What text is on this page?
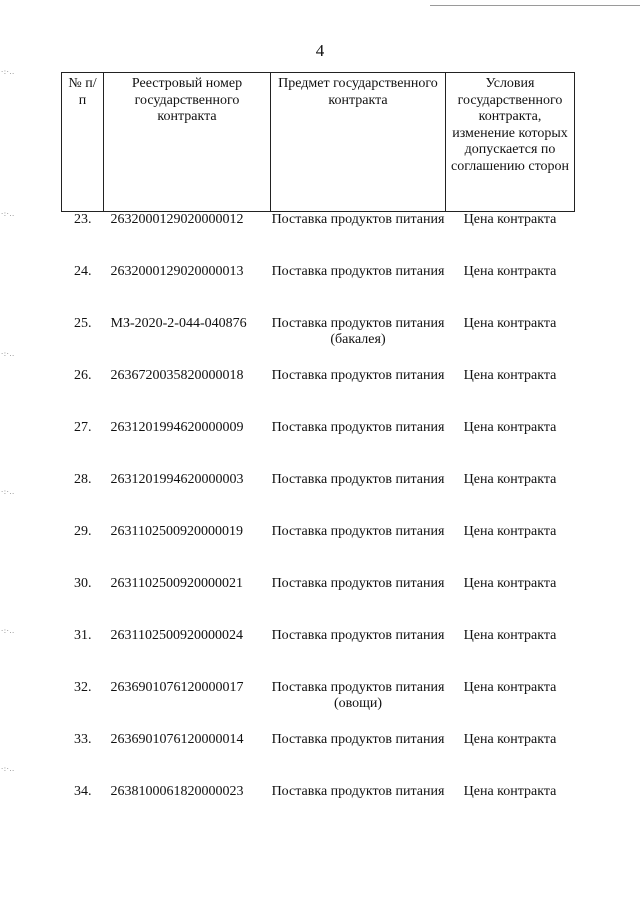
4
·:·..
·:·..
·:·..
·:·..
·:·..
·:·..
№ п/п	Реестровый номер государственного контракта	Предмет государственного контракта	Условия государственного контракта, изменение которых допускается по соглашению сторон
23.	2632000129020000012	Поставка продуктов питания	Цена контракта
24.	2632000129020000013	Поставка продуктов питания	Цена контракта
25.	МЗ-2020-2-044-040876	Поставка продуктов питания (бакалея)	Цена контракта
26.	2636720035820000018	Поставка продуктов питания	Цена контракта
27.	2631201994620000009	Поставка продуктов питания	Цена контракта
28.	2631201994620000003	Поставка продуктов питания	Цена контракта
29.	2631102500920000019	Поставка продуктов питания	Цена контракта
30.	2631102500920000021	Поставка продуктов питания	Цена контракта
31.	2631102500920000024	Поставка продуктов питания	Цена контракта
32.	2636901076120000017	Поставка продуктов питания (овощи)	Цена контракта
33.	2636901076120000014	Поставка продуктов питания	Цена контракта
34.	2638100061820000023	Поставка продуктов питания	Цена контракта
